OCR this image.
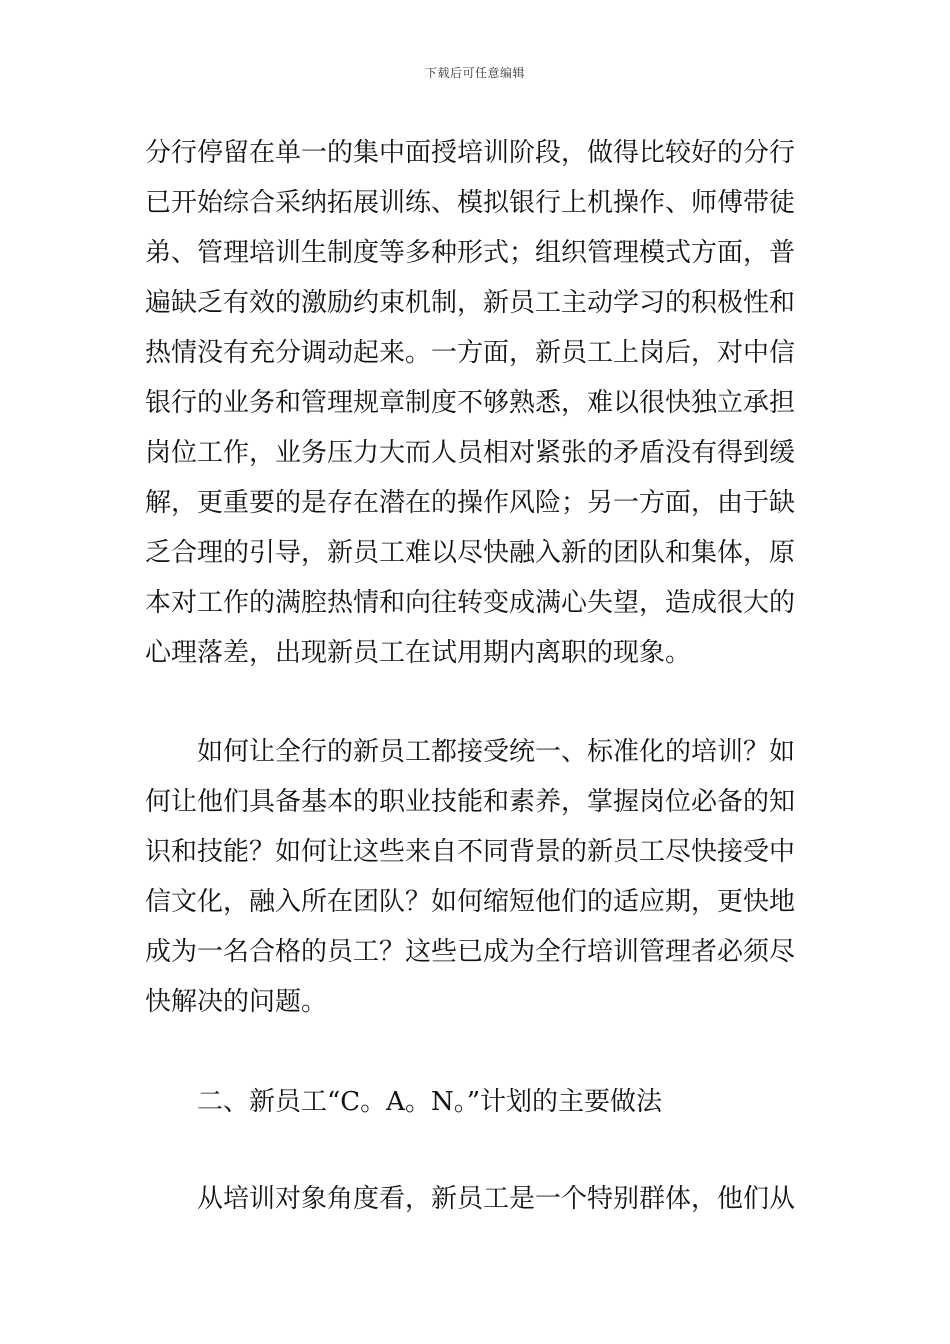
下载后可任意编辑
分行停留在单一的集中面授培训阶段，做得比较好的分行
已开始综合采纳拓展训练、模拟银行上机操作、师傅带徒
弟、管理培训生制度等多种形式；组织管理模式方面，普
遍缺乏有效的激励约束机制，新员工主动学习的积极性和
热情没有充分调动起来。一方面，新员工上岗后，对中信
银行的业务和管理规章制度不够熟悉，难以很快独立承担
岗位工作，业务压力大而人员相对紧张的矛盾没有得到缓
解，更重要的是存在潜在的操作风险；另一方面，由于缺
乏合理的引导，新员工难以尽快融入新的团队和集体，原
本对工作的满腔热情和向往转变成满心失望，造成很大的
心理落差，出现新员工在试用期内离职的现象。
　　如何让全行的新员工都接受统一、标准化的培训？如
何让他们具备基本的职业技能和素养，掌握岗位必备的知
识和技能？如何让这些来自不同背景的新员工尽快接受中
信文化，融入所在团队？如何缩短他们的适应期，更快地
成为一名合格的员工？这些已成为全行培训管理者必须尽
快解决的问题。
　　二、新员工“C。A。N。”计划的主要做法
　　从培训对象角度看，新员工是一个特别群体，他们从
